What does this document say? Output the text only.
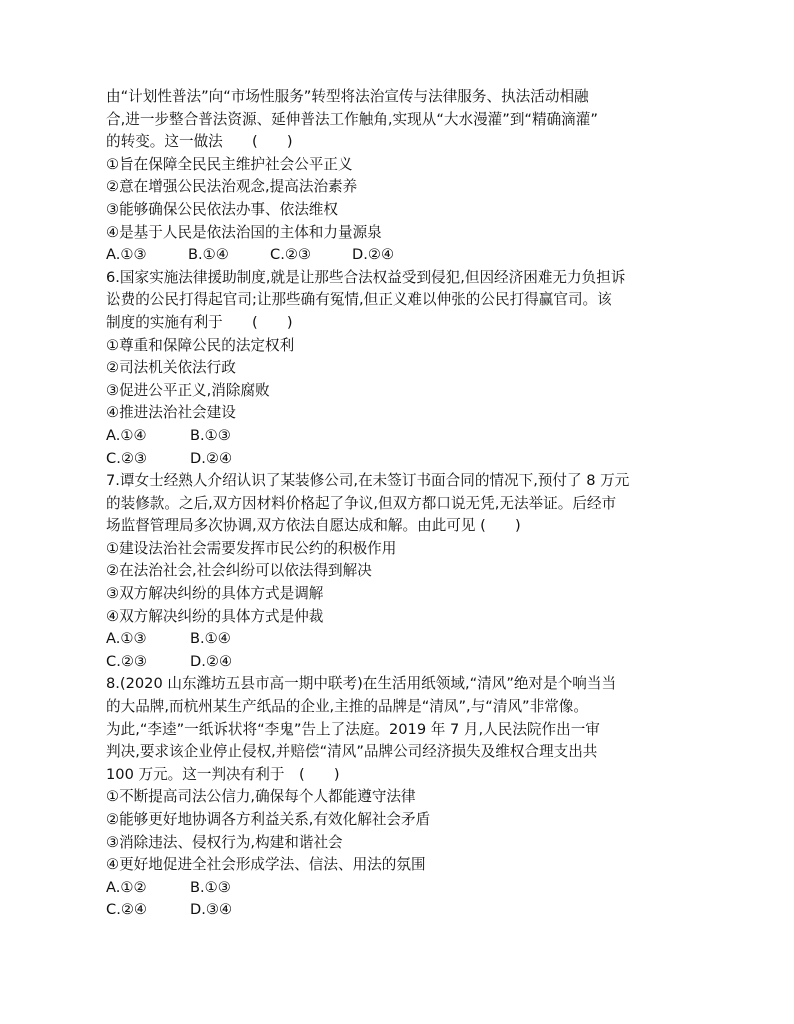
由“计划性普法”向“市场性服务”转型将法治宣传与法律服务、执法活动相融
合,进一步整合普法资源、延伸普法工作触角,实现从“大水漫灌”到“精确滴灌”
的转变。这一做法　　(　　)
①旨在保障全民民主维护社会公平正义
②意在增强公民法治观念,提高法治素养
③能够确保公民依法办事、依法维权
④是基于人民是依法治国的主体和力量源泉
A.①③	B.①④	C.②③	D.②④
6.国家实施法律援助制度,就是让那些合法权益受到侵犯,但因经济困难无力负担诉
讼费的公民打得起官司;让那些确有冤情,但正义难以伸张的公民打得赢官司。该
制度的实施有利于　　(　　)
①尊重和保障公民的法定权利
②司法机关依法行政
③促进公平正义,消除腐败
④推进法治社会建设
A.①④	B.①③
C.②③	D.②④
7.谭女士经熟人介绍认识了某装修公司,在未签订书面合同的情况下,预付了 8 万元
的装修款。之后,双方因材料价格起了争议,但双方都口说无凭,无法举证。后经市
场监督管理局多次协调,双方依法自愿达成和解。由此可见 (　　)
①建设法治社会需要发挥市民公约的积极作用
②在法治社会,社会纠纷可以依法得到解决
③双方解决纠纷的具体方式是调解
④双方解决纠纷的具体方式是仲裁
A.①③	B.①④
C.②③	D.②④
8.(2020 山东潍坊五县市高一期中联考)在生活用纸领域,“清风”绝对是个响当当
的大品牌,而杭州某生产纸品的企业,主推的品牌是“清凤”,与“清风”非常像。
为此,“李逵”一纸诉状将“李鬼”告上了法庭。2019 年 7 月,人民法院作出一审
判决,要求该企业停止侵权,并赔偿“清风”品牌公司经济损失及维权合理支出共
100 万元。这一判决有利于　(　　)
①不断提高司法公信力,确保每个人都能遵守法律
②能够更好地协调各方利益关系,有效化解社会矛盾
③消除违法、侵权行为,构建和谐社会
④更好地促进全社会形成学法、信法、用法的氛围
A.①②	B.①③
C.②④	D.③④
